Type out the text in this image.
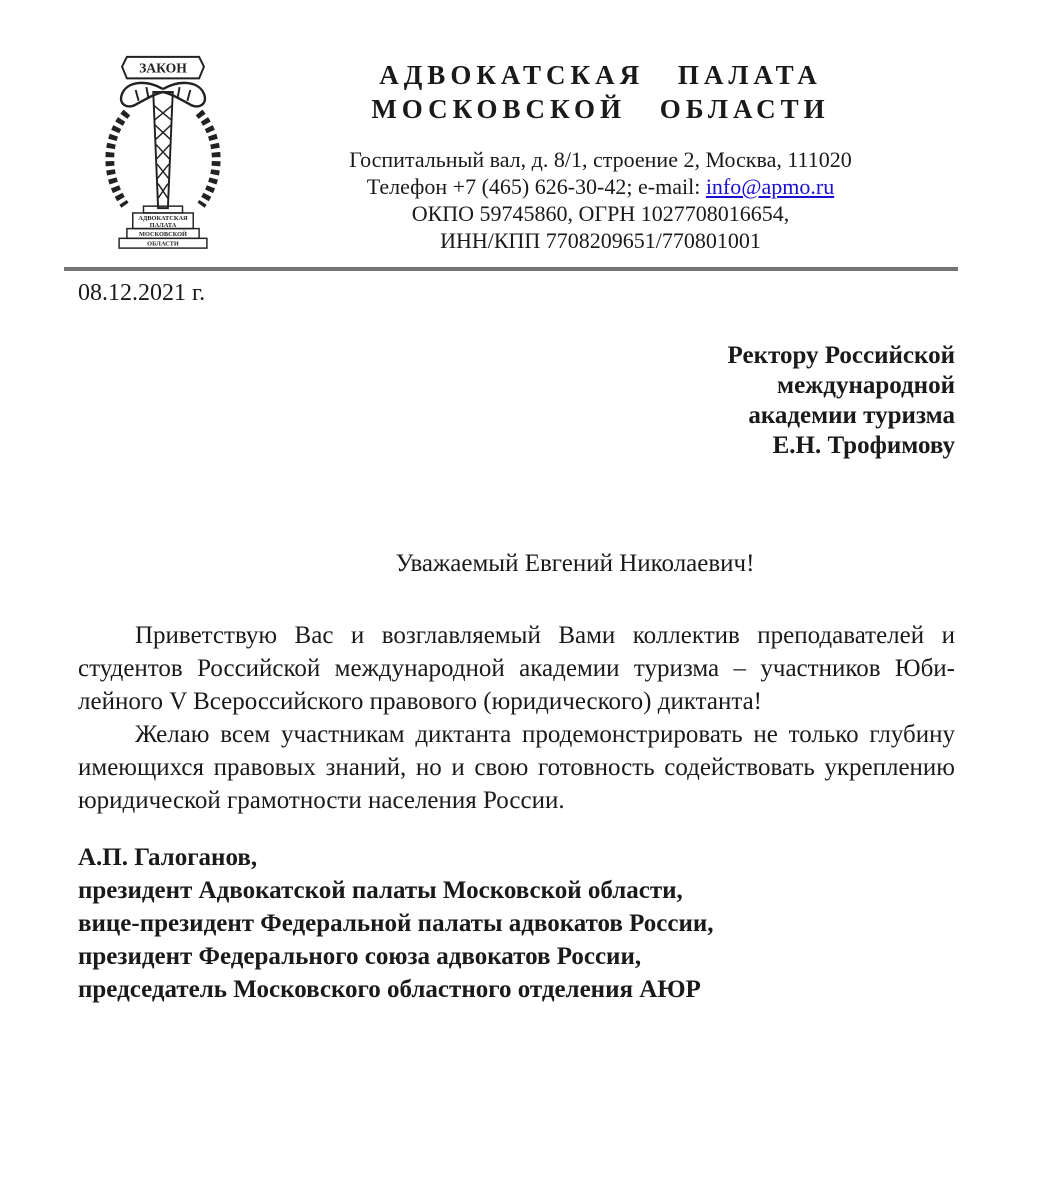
ЗАКОН
АДВОКАТСКАЯ
ПАЛАТА
МОСКОВСКОЙ
ОБЛАСТИ
АДВОКАТСКАЯ ПАЛАТА
МОСКОВСКОЙ ОБЛАСТИ
Госпитальный вал, д. 8/1, строение 2, Москва, 111020
Телефон +7 (465) 626-30-42; e-mail: info@apmo.ru
ОКПО 59745860, ОГРН 1027708016654,
ИНН/КПП 7708209651/770801001
08.12.2021 г.
Ректору Российской
международной
академии туризма
Е.Н. Трофимову
Уважаемый Евгений Николаевич!
Приветствую Вас и возглавляемый Вами коллектив преподавателей и
студентов Российской международной академии туризма – участников Юби-
лейного V Всероссийского правового (юридического) диктанта!
Желаю всем участникам диктанта продемонстрировать не только глубину
имеющихся правовых знаний, но и свою готовность содействовать укреплению
юридической грамотности населения России.
А.П. Галоганов,
президент Адвокатской палаты Московской области,
вице-президент Федеральной палаты адвокатов России,
президент Федерального союза адвокатов России,
председатель Московского областного отделения АЮР
